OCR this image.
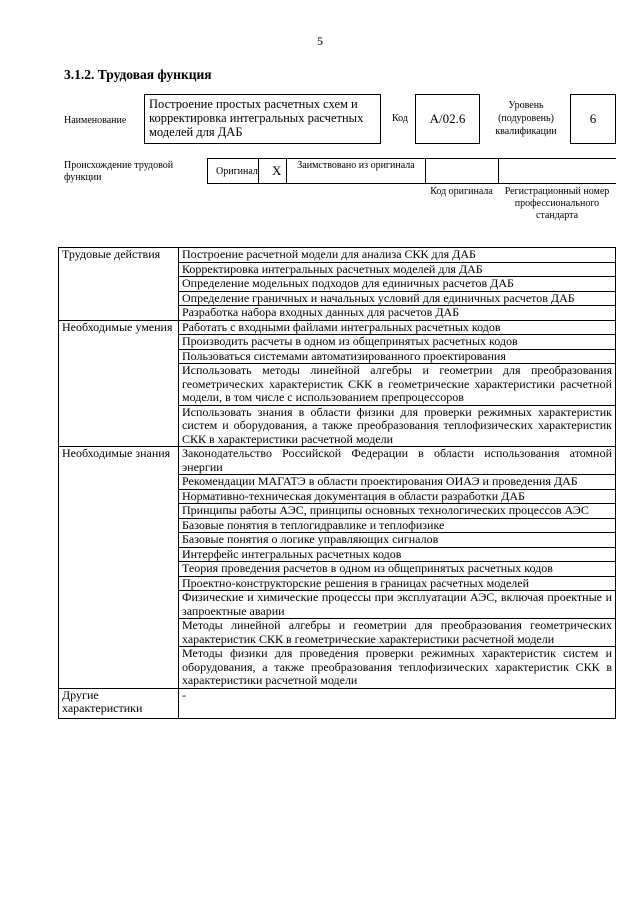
5
3.1.2. Трудовая функция
Наименование
Построение простых расчетных схем и корректировка интегральных расчетных моделей для ДАБ
Код	А/02.6
Уровень (подуровень) квалификации
6
Происхождение трудовой функции
Оригинал X	Заимствовано из оригинала
Код оригинала	Регистрационный номер профессионального стандарта
Трудовые действия	Построение расчетной модели для анализа СКК для ДАБ
	Корректировка интегральных расчетных моделей для ДАБ
	Определение модельных подходов для единичных расчетов ДАБ
	Определение граничных и начальных условий для единичных расчетов ДАБ
	Разработка набора входных данных для расчетов ДАБ
Необходимые умения	Работать с входными файлами интегральных расчетных кодов
	Производить расчеты в одном из общепринятых расчетных кодов
	Пользоваться системами автоматизированного проектирования
	Использовать методы линейной алгебры и геометрии для преобразования геометрических характеристик СКК в геометрические характеристики расчетной модели, в том числе с использованием препроцессоров
	Использовать знания в области физики для проверки режимных характеристик систем и оборудования, а также преобразования теплофизических характеристик СКК в характеристики расчетной модели
Необходимые знания	Законодательство Российской Федерации в области использования атомной энергии
	Рекомендации МАГАТЭ в области проектирования ОИАЭ и проведения ДАБ
	Нормативно-техническая документация в области разработки ДАБ
	Принципы работы АЭС, принципы основных технологических процессов АЭС
	Базовые понятия в теплогидравлике и теплофизике
	Базовые понятия о логике управляющих сигналов
	Интерфейс интегральных расчетных кодов
	Теория проведения расчетов в одном из общепринятых расчетных кодов
	Проектно-конструкторские решения в границах расчетных моделей
	Физические и химические процессы при эксплуатации АЭС, включая проектные и запроектные аварии
	Методы линейной алгебры и геометрии для преобразования геометрических характеристик СКК в геометрические характеристики расчетной модели
	Методы физики для проведения проверки режимных характеристик систем и оборудования, а также преобразования теплофизических характеристик СКК в характеристики расчетной модели
Другие характеристики	-
